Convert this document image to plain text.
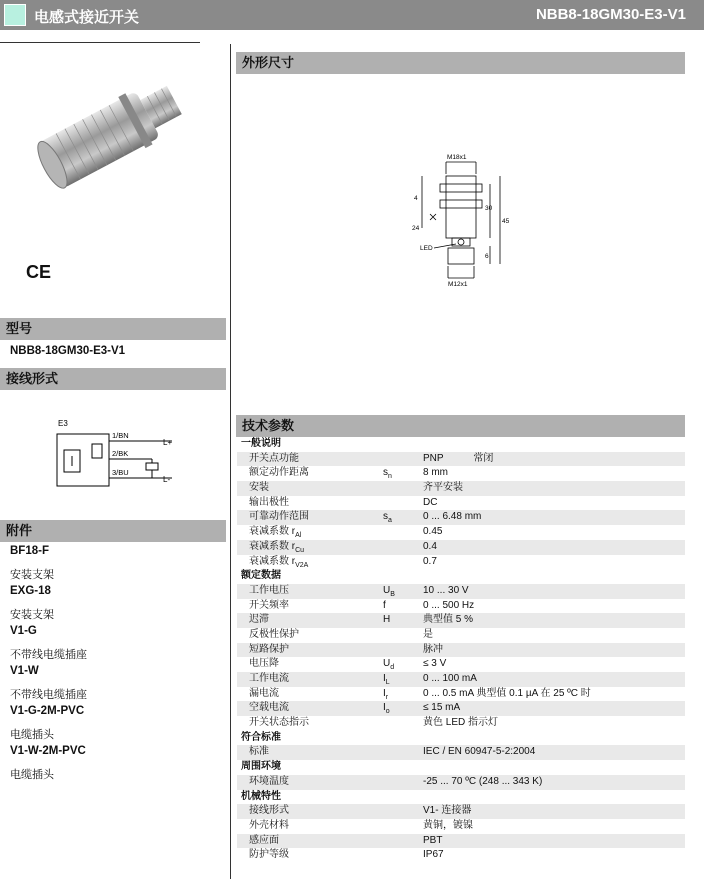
电感式接近开关	NBB8-18GM30-E3-V1
CE
型号
NBB8-18GM30-E3-V1
接线形式
E3
1/BN
2/BK
3/BU
L+
L-
附件
BF18-F
安装支架
EXG-18
安装支架
V1-G
不带线电缆插座
V1-W
不带线电缆插座
V1-G-2M-PVC
电缆插头
V1-W-2M-PVC
电缆插头
外形尺寸
M18x1
M12x1
4
24
30
45
6
LED
技术参数
一般说明
开关点功能	PNP　　　常闭
额定动作距离	$s_n$	8 mm
安装	齐平安装
输出极性	DC
可靠动作范围	$s_a$	0 ... 6.48 mm
衰减系数 $r_{Al}$	0.45
衰减系数 $r_{Cu}$	0.4
衰减系数 $r_{V2A}$	0.7
额定数据
工作电压	$U_B$	10 ... 30 V
开关频率	f	0 ... 500 Hz
迟滞	H	典型值 5 %
反极性保护	是
短路保护	脉冲
电压降	$U_d$	≤ 3 V
工作电流	$I_L$	0 ... 100 mA
漏电流	$I_r$	0 ... 0.5 mA 典型值 0.1 µA 在 25 ºC 时
空载电流	$I_o$	≤ 15 mA
开关状态指示	黄色 LED 指示灯
符合标准
标准	IEC / EN 60947-5-2:2004
周围环境
环境温度	-25 ... 70 ºC (248 ... 343 K)
机械特性
接线形式	V1- 连接器
外壳材料	黄铜，镀镍
感应面	PBT
防护等级	IP67
